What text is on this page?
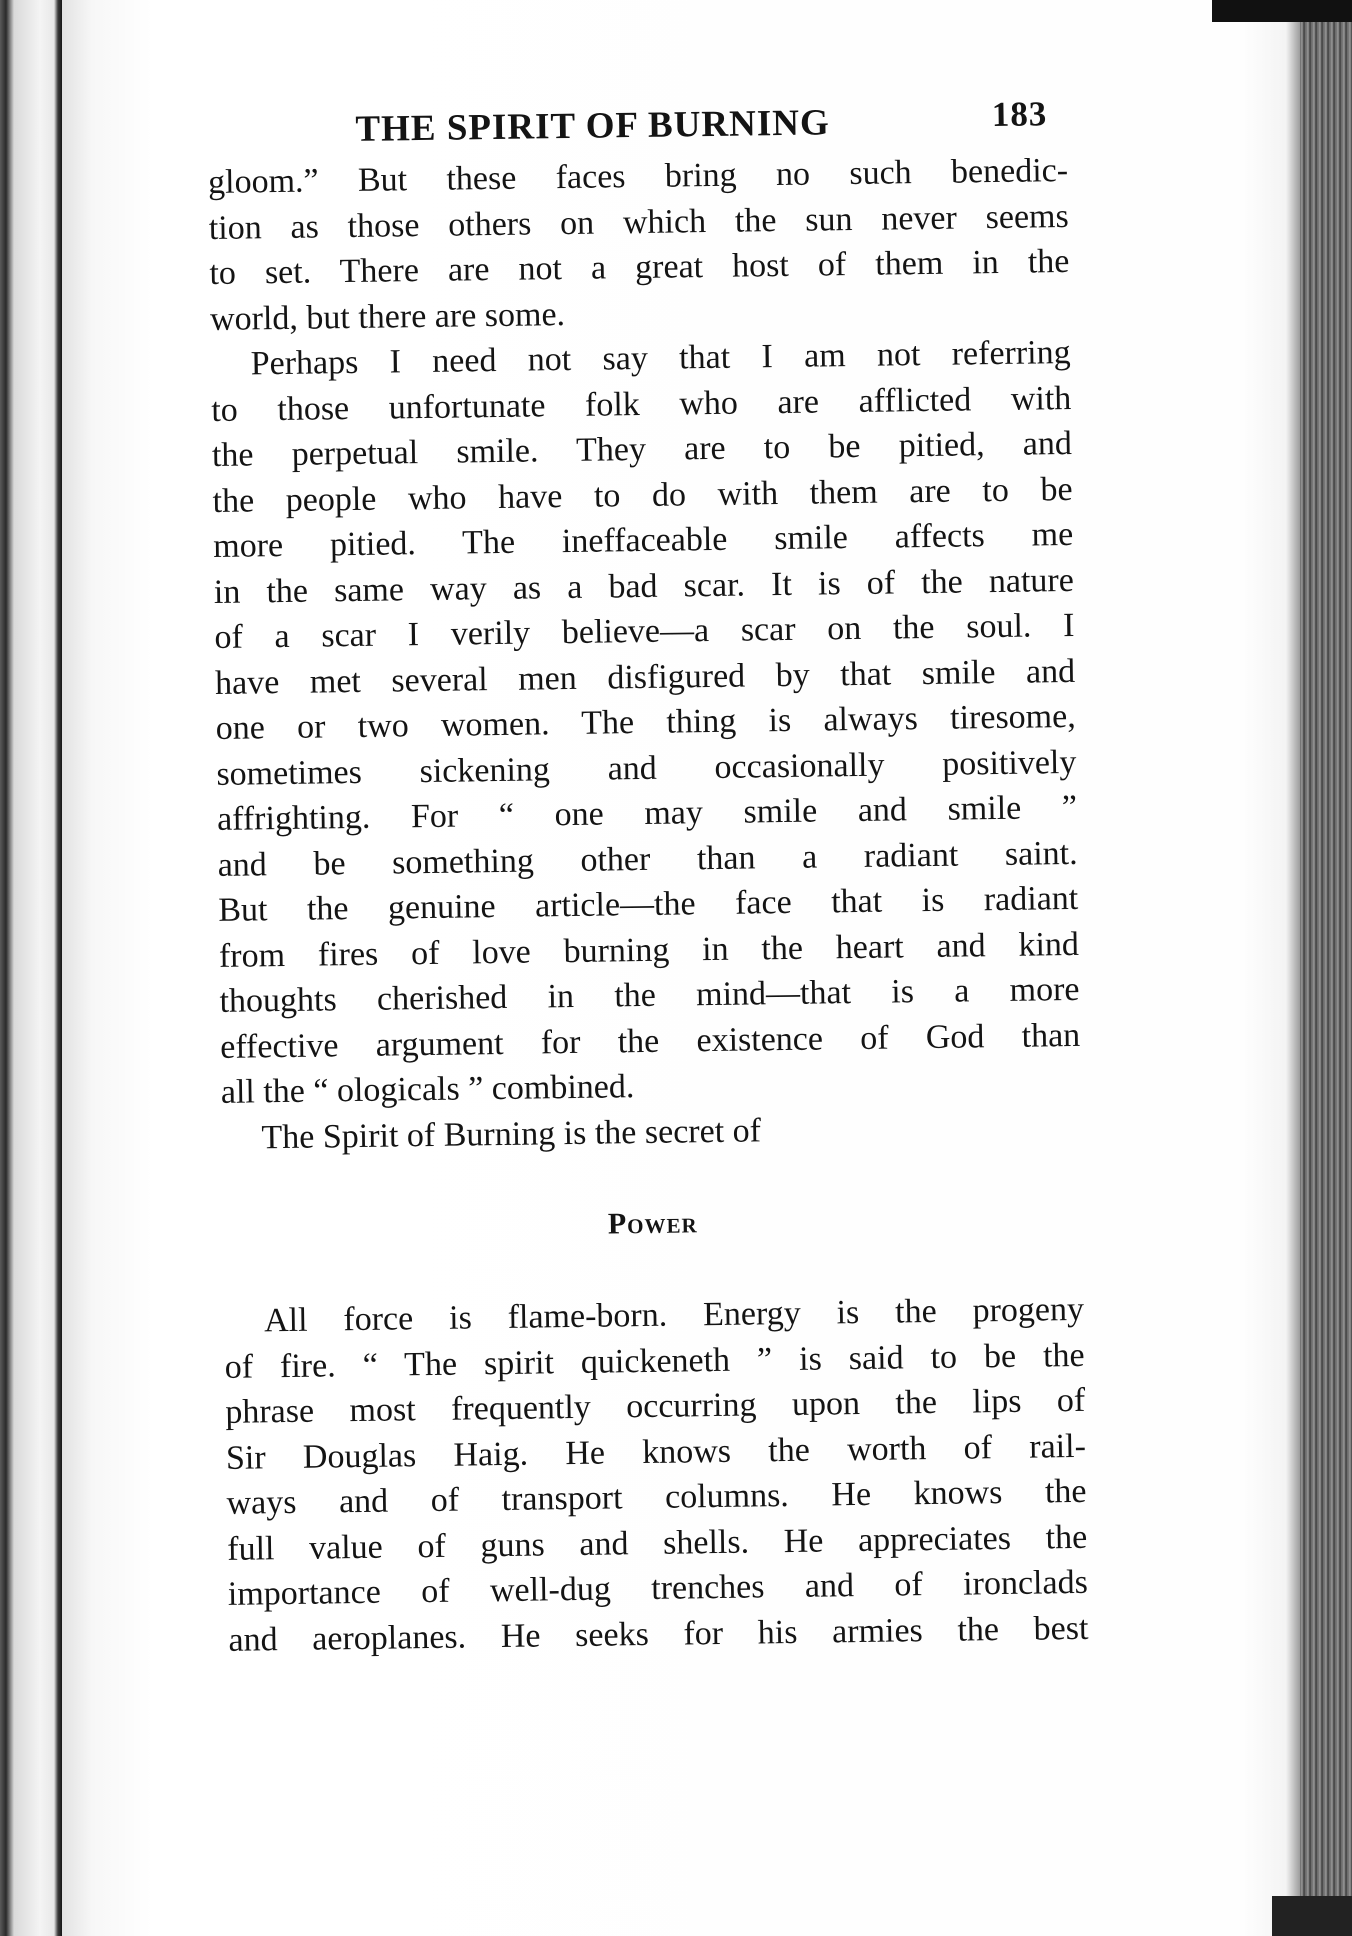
THE SPIRIT OF BURNING	183

gloom.” But these faces bring no such benedic-
tion as those others on which the sun never seems
to set. There are not a great host of them in the
world, but there are some.

Perhaps I need not say that I am not referring
to those unfortunate folk who are afflicted with
the perpetual smile. They are to be pitied, and
the people who have to do with them are to be
more pitied. The ineffaceable smile affects me
in the same way as a bad scar. It is of the nature
of a scar I verily believe—a scar on the soul. I
have met several men disfigured by that smile and
one or two women. The thing is always tiresome,
sometimes sickening and occasionally positively
affrighting. For “ one may smile and smile ”
and be something other than a radiant saint.
But the genuine article—the face that is radiant
from fires of love burning in the heart and kind
thoughts cherished in the mind—that is a more
effective argument for the existence of God than
all the “ ologicals ” combined.

The Spirit of Burning is the secret of

Power

All force is flame-born. Energy is the progeny
of fire. “ The spirit quickeneth ” is said to be the
phrase most frequently occurring upon the lips of
Sir Douglas Haig. He knows the worth of rail-
ways and of transport columns. He knows the
full value of guns and shells. He appreciates the
importance of well-dug trenches and of ironclads
and aeroplanes. He seeks for his armies the best
